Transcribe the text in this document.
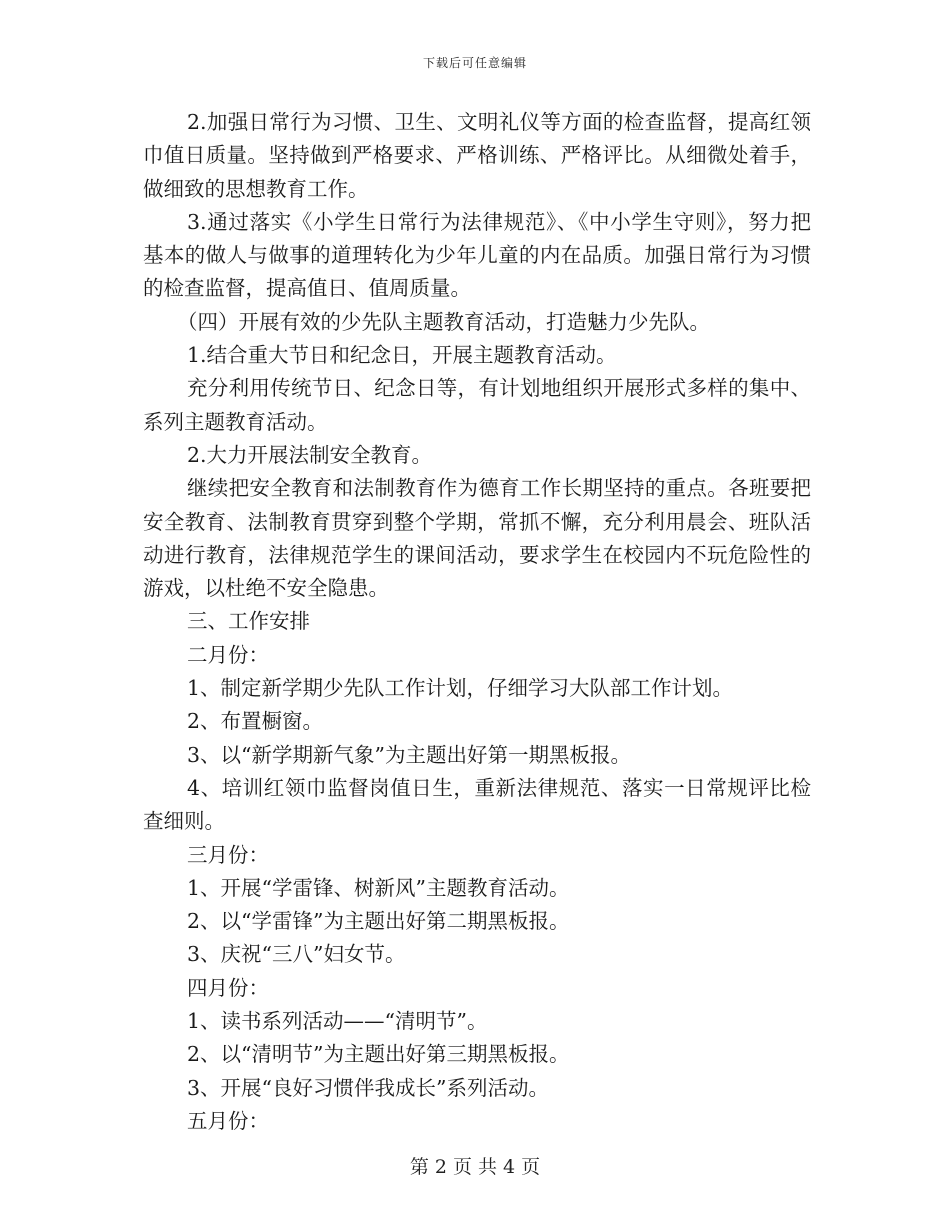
下载后可任意编辑

2.加强日常行为习惯、卫生、文明礼仪等方面的检查监督，提高红领巾值日质量。坚持做到严格要求、严格训练、严格评比。从细微处着手，做细致的思想教育工作。

3.通过落实《小学生日常行为法律规范》、《中小学生守则》，努力把基本的做人与做事的道理转化为少年儿童的内在品质。加强日常行为习惯的检查监督，提高值日、值周质量。

（四）开展有效的少先队主题教育活动，打造魅力少先队。

1.结合重大节日和纪念日，开展主题教育活动。

充分利用传统节日、纪念日等，有计划地组织开展形式多样的集中、系列主题教育活动。

2.大力开展法制安全教育。

继续把安全教育和法制教育作为德育工作长期坚持的重点。各班要把安全教育、法制教育贯穿到整个学期，常抓不懈，充分利用晨会、班队活动进行教育，法律规范学生的课间活动，要求学生在校园内不玩危险性的游戏，以杜绝不安全隐患。

三、工作安排

二月份：

1、制定新学期少先队工作计划，仔细学习大队部工作计划。

2、布置橱窗。

3、以“新学期新气象”为主题出好第一期黑板报。

4、培训红领巾监督岗值日生，重新法律规范、落实一日常规评比检查细则。

三月份：

1、开展“学雷锋、树新风”主题教育活动。

2、以“学雷锋”为主题出好第二期黑板报。

3、庆祝“三八”妇女节。

四月份：

1、读书系列活动——“清明节”。

2、以“清明节”为主题出好第三期黑板报。

3、开展“良好习惯伴我成长”系列活动。

五月份：

第 2 页 共 4 页
